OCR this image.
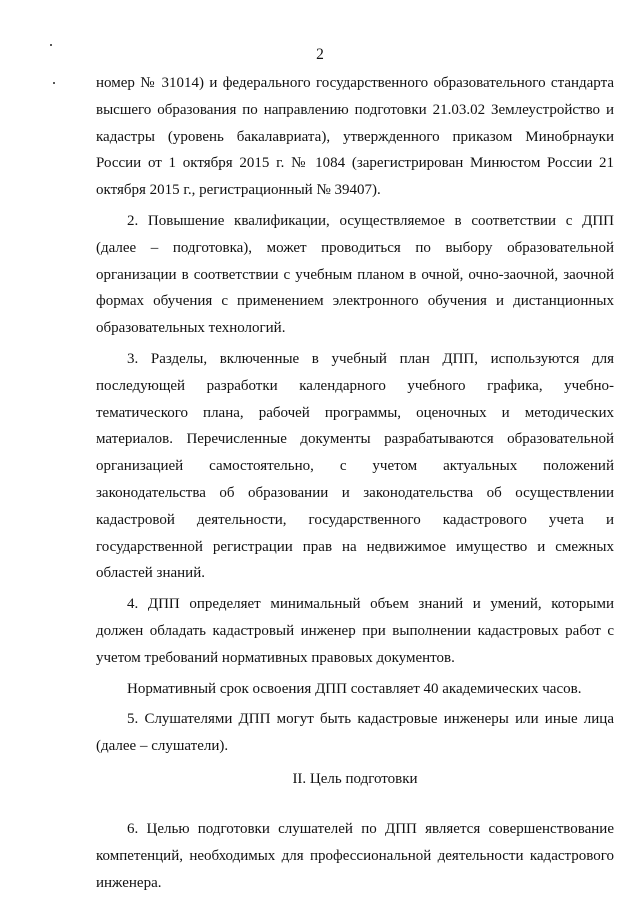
2

номер № 31014) и федерального государственного образовательного стандарта высшего образования по направлению подготовки 21.03.02 Землеустройство и кадастры (уровень бакалавриата), утвержденного приказом Минобрнауки России от 1 октября 2015 г. № 1084 (зарегистрирован Минюстом России 21 октября 2015 г., регистрационный № 39407).

2. Повышение квалификации, осуществляемое в соответствии с ДПП (далее – подготовка), может проводиться по выбору образовательной организации в соответствии с учебным планом в очной, очно-заочной, заочной формах обучения с применением электронного обучения и дистанционных образовательных технологий.

3. Разделы, включенные в учебный план ДПП, используются для последующей разработки календарного учебного графика, учебно-тематического плана, рабочей программы, оценочных и методических материалов. Перечисленные документы разрабатываются образовательной организацией самостоятельно, с учетом актуальных положений законодательства об образовании и законодательства об осуществлении кадастровой деятельности, государственного кадастрового учета и государственной регистрации прав на недвижимое имущество и смежных областей знаний.

4. ДПП определяет минимальный объем знаний и умений, которыми должен обладать кадастровый инженер при выполнении кадастровых работ с учетом требований нормативных правовых документов.

Нормативный срок освоения ДПП составляет 40 академических часов.

5. Слушателями ДПП могут быть кадастровые инженеры или иные лица (далее – слушатели).

II. Цель подготовки

6. Целью подготовки слушателей по ДПП является совершенствование компетенций, необходимых для профессиональной деятельности кадастрового инженера.
